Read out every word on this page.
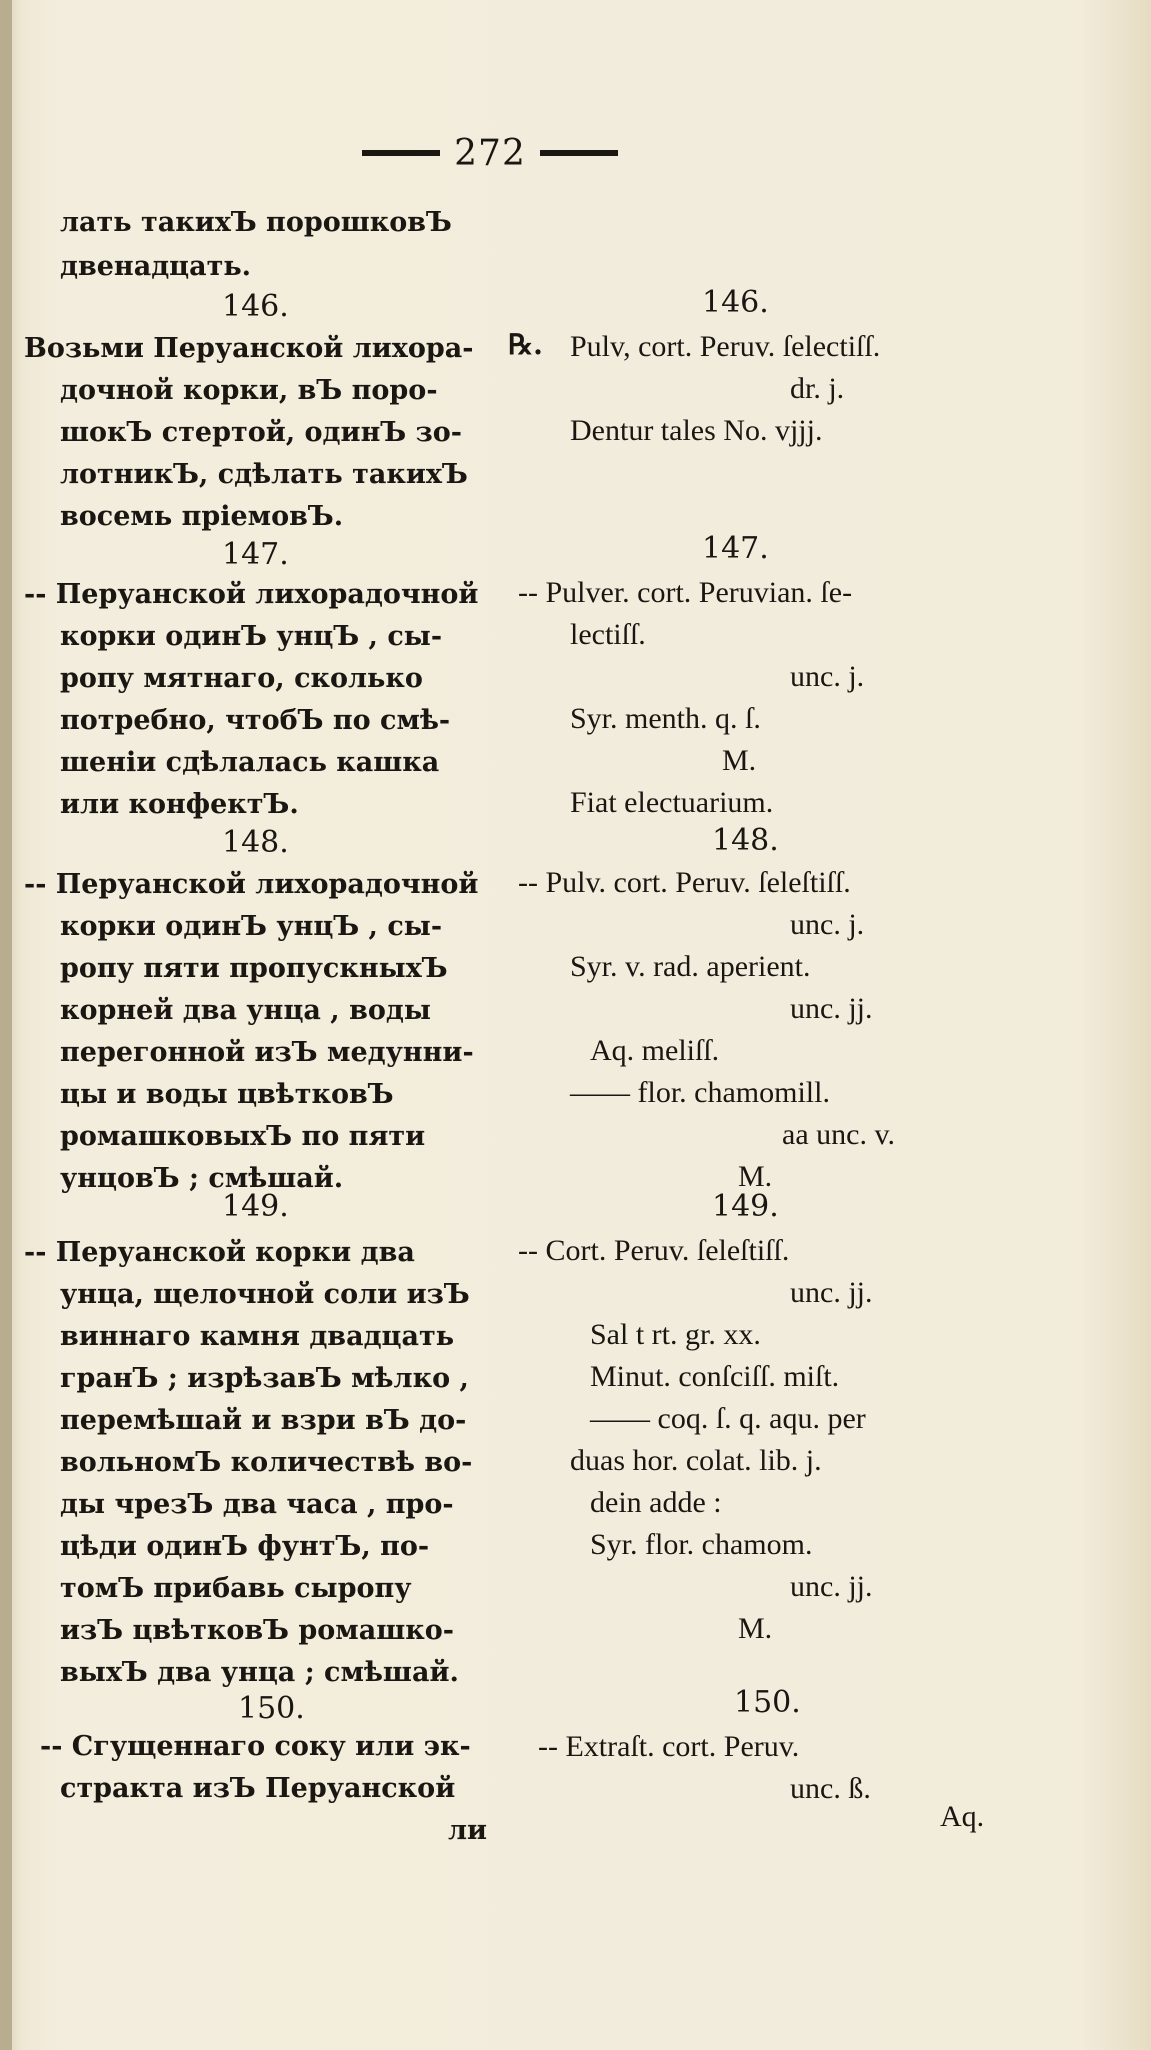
272
лать такихЪ порошковЪ
двенадцать.
146.
Возьми Перуанской лихора-
дочной корки, вЪ поро-
шокЪ стертой, одинЪ зо-
лотникЪ, сдѣлать такихЪ
восемь прiемовЪ.
147.
-- Перуанской лихорадочной
корки одинЪ унцЪ , сы-
ропу мятнаго, сколько
потребно, чтобЪ по смѣ-
шенiи сдѣлалась кашка
или конфектЪ.
148.
-- Перуанской лихорадочной
корки одинЪ унцЪ , сы-
ропу пяти пропускныхЪ
корней два унца , воды
перегонной изЪ медунни-
цы и воды цвѣтковЪ
ромашковыхЪ по пяти
унцовЪ ; смѣшай.
149.
-- Перуанской корки два
унца, щелочной соли изЪ
виннаго камня двадцать
гранЪ ; изрѣзавЪ мѣлко ,
перемѣшай и взри вЪ до-
вольномЪ количествѣ во-
ды чрезЪ два часа , про-
цѣди одинЪ фунтЪ, по-
томЪ прибавь сыропу
изЪ цвѣтковЪ ромашко-
выхЪ два унца ; смѣшай.
150.
-- Сгущеннаго соку или эк-
страктa изЪ Перуанской
ли
℞.
146.
Pulv, cort. Peruv. ſelectiſſ.
dr. j.
Dentur tales No. vjjj.
147.
-- Pulver. cort. Peruvian. ſe-
lectiſſ.
unc. j.
Syr. menth. q. ſ.
M.
Fiat electuarium.
148.
-- Pulv. cort. Peruv. ſeleſtiſſ.
unc. j.
Syr. v. rad. aperient.
unc. jj.
Aq. meliſſ.
—— flor. chamomill.
aa unc. v.
M.
149.
-- Cort. Peruv. ſeleſtiſſ.
unc. jj.
Sal t rt. gr. xx.
Minut. conſciſſ. miſt.
—— coq. ſ. q. aqu. per
duas hor. colat. lib. j.
dein adde :
Syr. flor. chamom.
unc. jj.
M.
150.
-- Extraſt. cort. Peruv.
unc. ß.
Aq.
